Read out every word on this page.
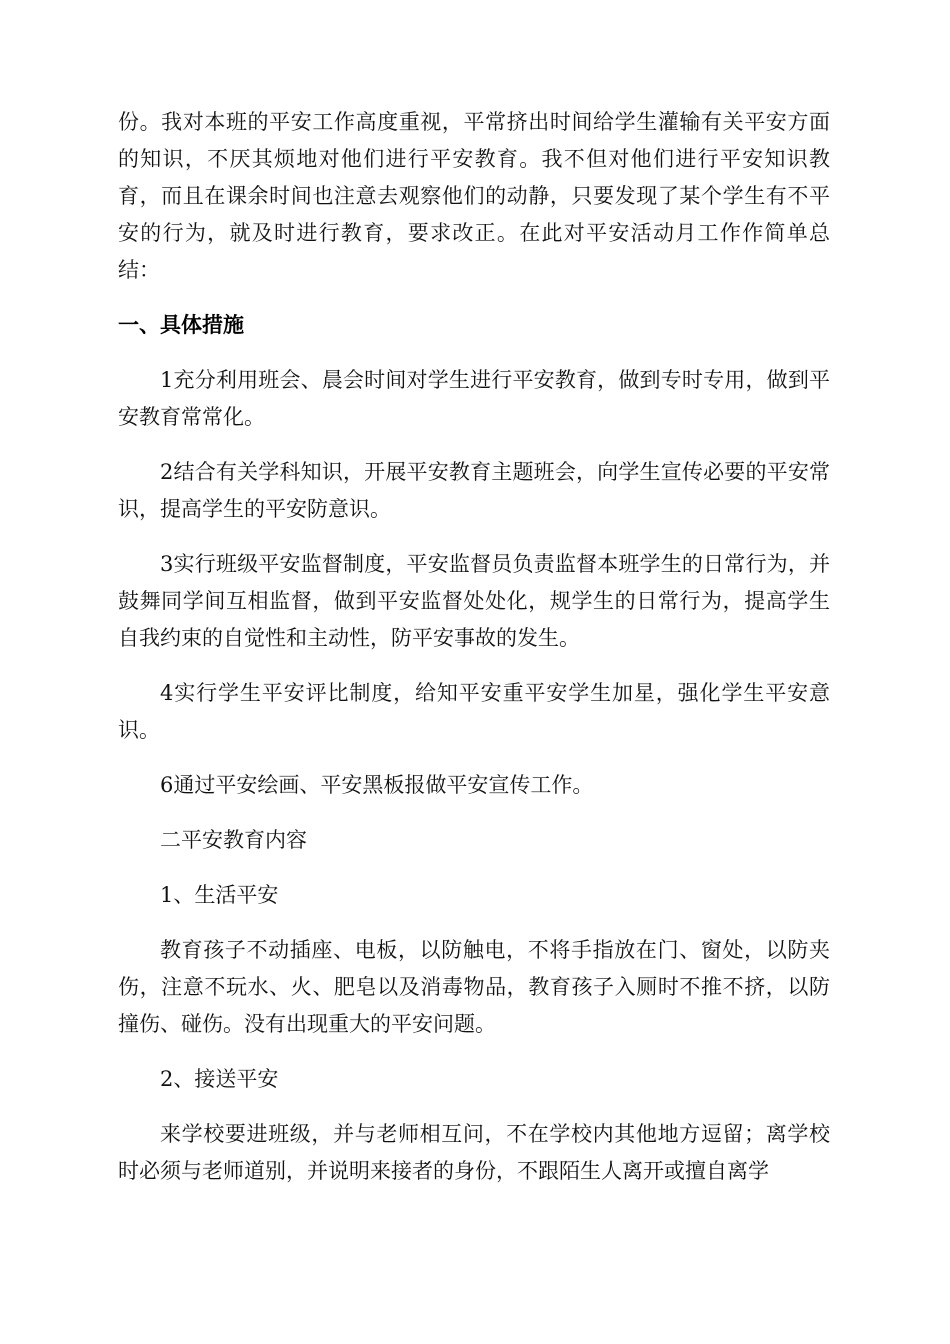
份。我对本班的平安工作高度重视，平常挤出时间给学生灌输有关平安方面的知识，不厌其烦地对他们进行平安教育。我不但对他们进行平安知识教育，而且在课余时间也注意去观察他们的动静，只要发现了某个学生有不平安的行为，就及时进行教育，要求改正。在此对平安活动月工作作简单总结：

一、具体措施

1充分利用班会、晨会时间对学生进行平安教育，做到专时专用，做到平安教育常常化。

2结合有关学科知识，开展平安教育主题班会，向学生宣传必要的平安常识，提高学生的平安防意识。

3实行班级平安监督制度，平安监督员负责监督本班学生的日常行为，并鼓舞同学间互相监督，做到平安监督处处化，规学生的日常行为，提高学生自我约束的自觉性和主动性，防平安事故的发生。

4实行学生平安评比制度，给知平安重平安学生加星，强化学生平安意识。

6通过平安绘画、平安黑板报做平安宣传工作。

二平安教育内容

1、生活平安

教育孩子不动插座、电板，以防触电，不将手指放在门、窗处，以防夹伤，注意不玩水、火、肥皂以及消毒物品，教育孩子入厕时不推不挤，以防撞伤、碰伤。没有出现重大的平安问题。

2、接送平安

来学校要进班级，并与老师相互问，不在学校内其他地方逗留；离学校时必须与老师道别，并说明来接者的身份，不跟陌生人离开或擅自离学
